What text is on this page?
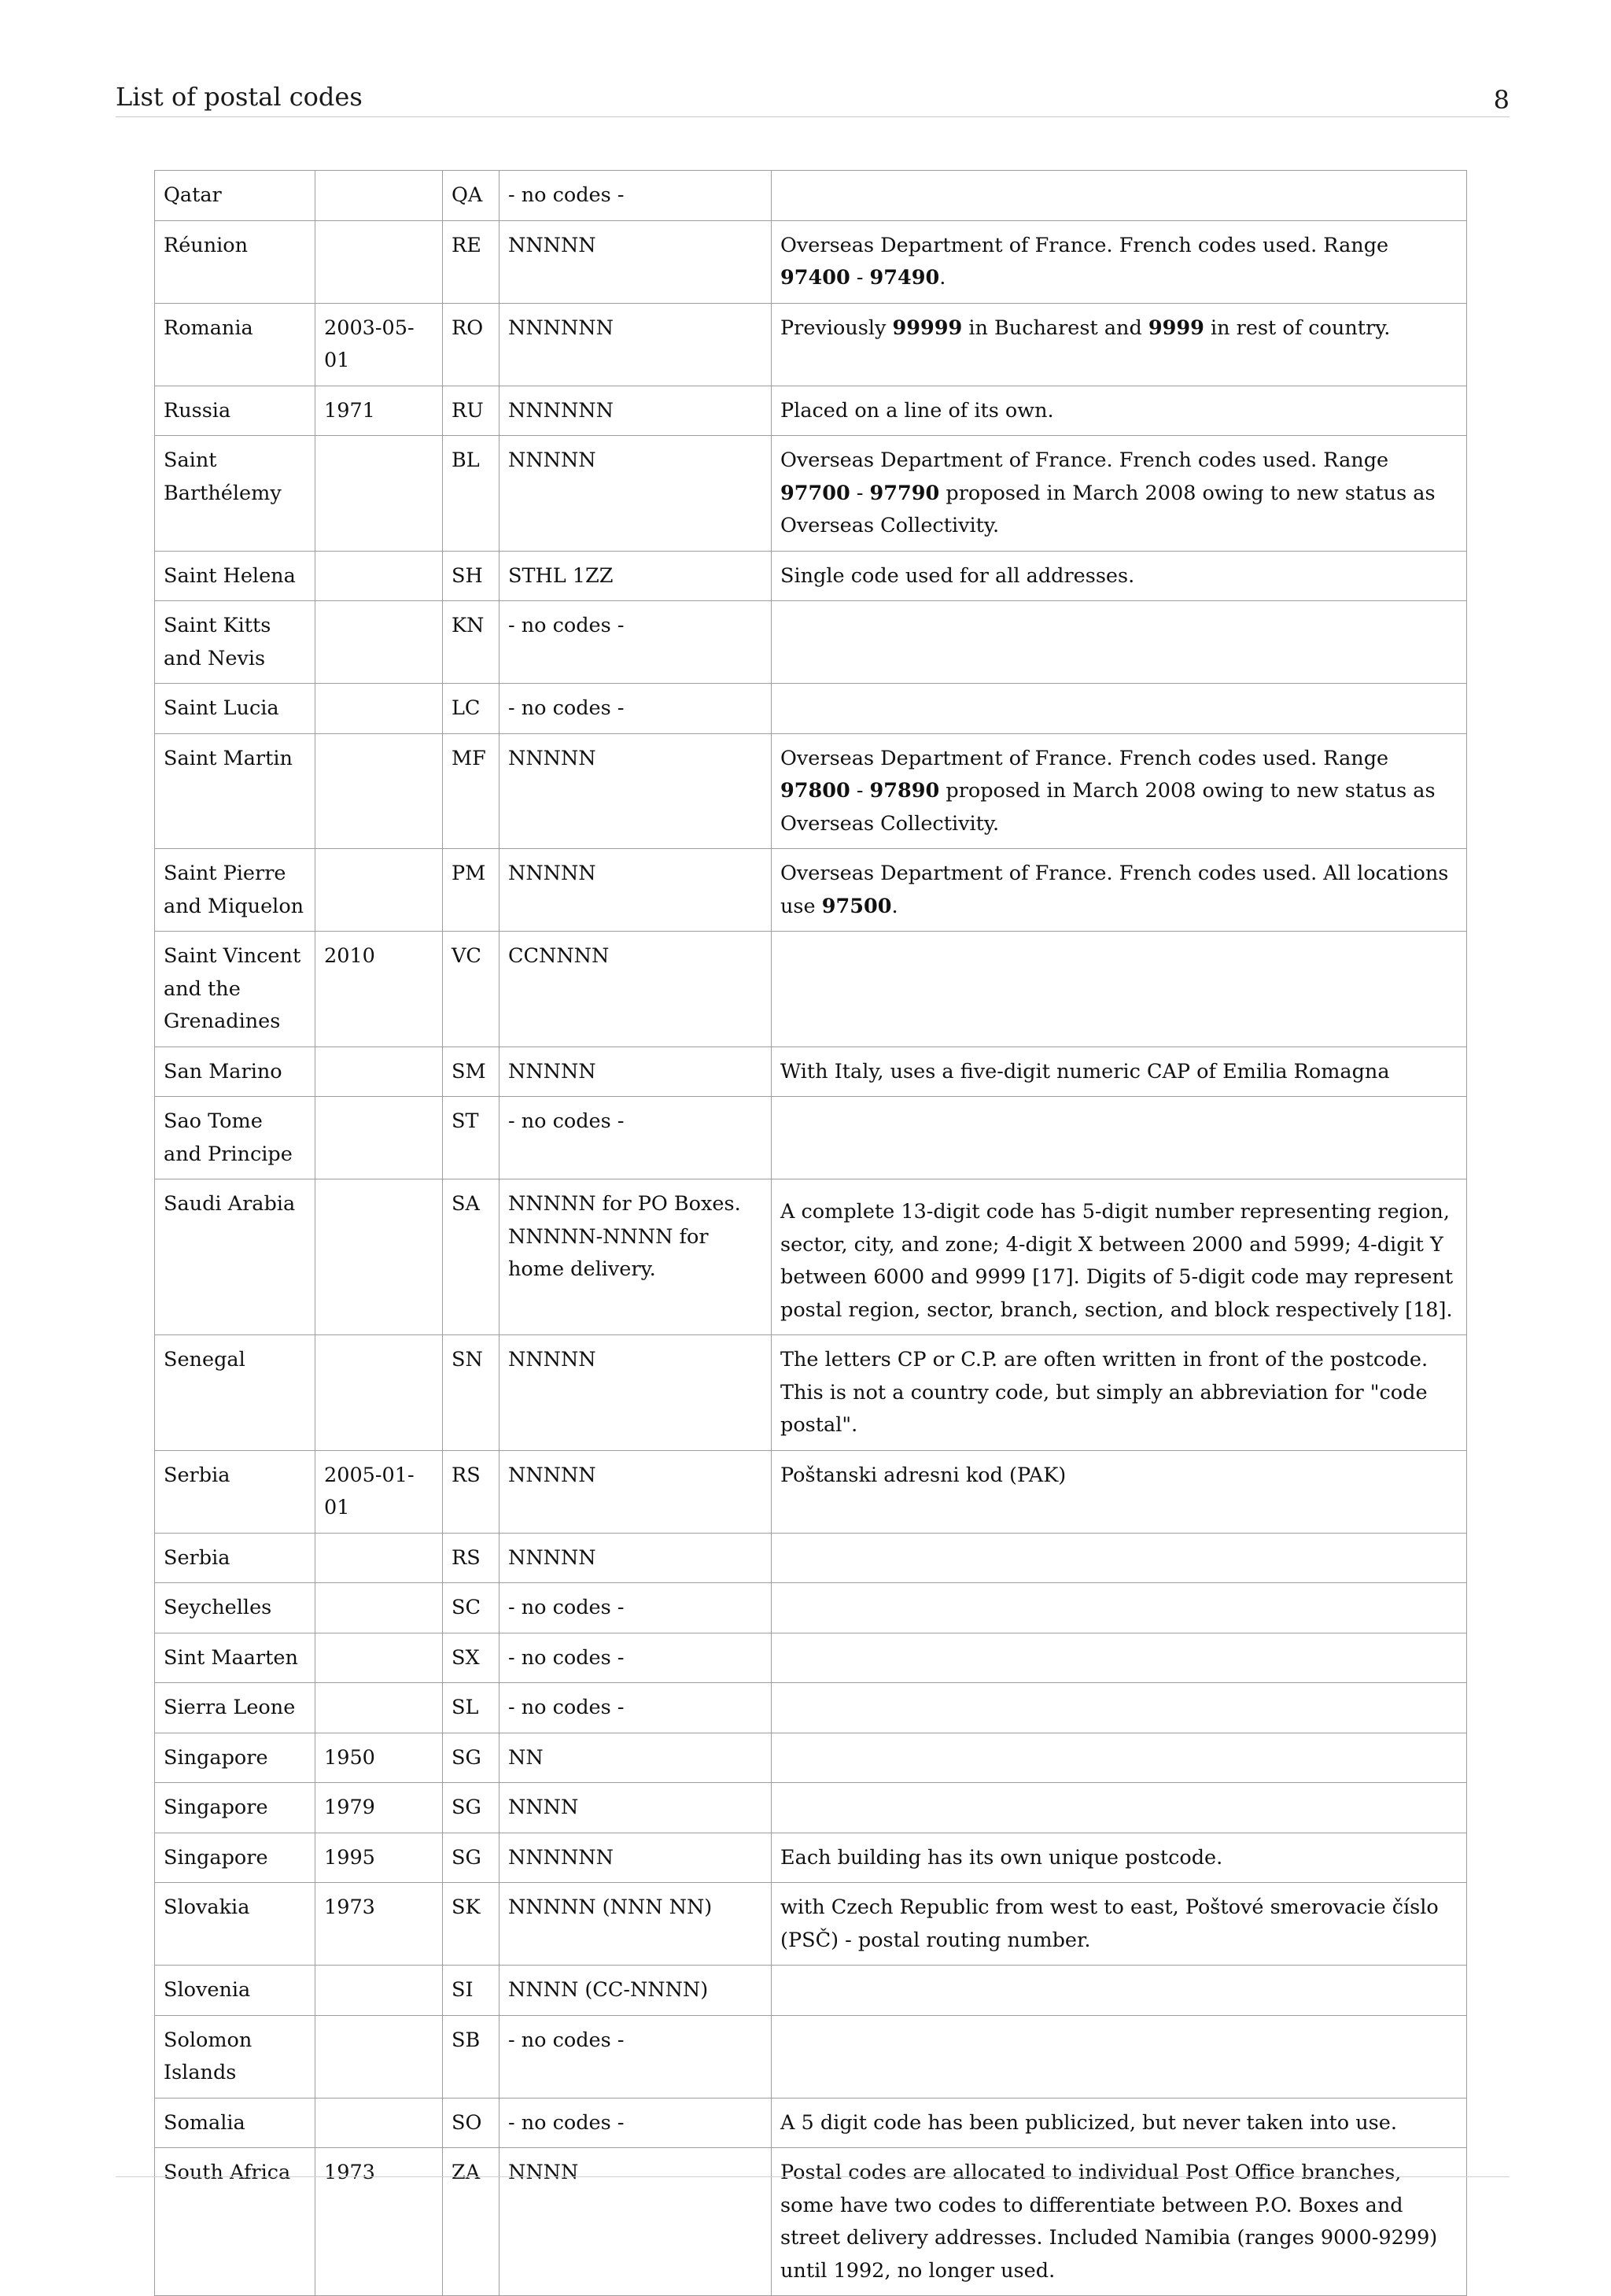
List of postal codes	8
Qatar		QA	- no codes -	
Réunion		RE	NNNNN	Overseas Department of France. French codes used. Range 97400 - 97490.
Romania	2003-05-01	RO	NNNNNN	Previously 99999 in Bucharest and 9999 in rest of country.
Russia	1971	RU	NNNNNN	Placed on a line of its own.
Saint Barthélemy		BL	NNNNN	Overseas Department of France. French codes used. Range 97700 - 97790 proposed in March 2008 owing to new status as Overseas Collectivity.
Saint Helena		SH	STHL 1ZZ	Single code used for all addresses.
Saint Kitts and Nevis		KN	- no codes -	
Saint Lucia		LC	- no codes -	
Saint Martin		MF	NNNNN	Overseas Department of France. French codes used. Range 97800 - 97890 proposed in March 2008 owing to new status as Overseas Collectivity.
Saint Pierre and Miquelon		PM	NNNNN	Overseas Department of France. French codes used. All locations use 97500.
Saint Vincent and the Grenadines	2010	VC	CCNNNN	
San Marino		SM	NNNNN	With Italy, uses a five-digit numeric CAP of Emilia Romagna
Sao Tome and Principe		ST	- no codes -	
Saudi Arabia		SA	NNNNN for PO Boxes. NNNNN-NNNN for home delivery.	A complete 13-digit code has 5-digit number representing region, sector, city, and zone; 4-digit X between 2000 and 5999; 4-digit Y between 6000 and 9999 [17]. Digits of 5-digit code may represent postal region, sector, branch, section, and block respectively [18].
Senegal		SN	NNNNN	The letters CP or C.P. are often written in front of the postcode. This is not a country code, but simply an abbreviation for "code postal".
Serbia	2005-01-01	RS	NNNNN	Poštanski adresni kod (PAK)
Serbia		RS	NNNNN	
Seychelles		SC	- no codes -	
Sint Maarten		SX	- no codes -	
Sierra Leone		SL	- no codes -	
Singapore	1950	SG	NN	
Singapore	1979	SG	NNNN	
Singapore	1995	SG	NNNNNN	Each building has its own unique postcode.
Slovakia	1973	SK	NNNNN (NNN NN)	with Czech Republic from west to east, Poštové smerovacie číslo (PSČ) - postal routing number.
Slovenia		SI	NNNN (CC-NNNN)	
Solomon Islands		SB	- no codes -	
Somalia		SO	- no codes -	A 5 digit code has been publicized, but never taken into use.
South Africa	1973	ZA	NNNN	Postal codes are allocated to individual Post Office branches, some have two codes to differentiate between P.O. Boxes and street delivery addresses. Included Namibia (ranges 9000-9299) until 1992, no longer used.
